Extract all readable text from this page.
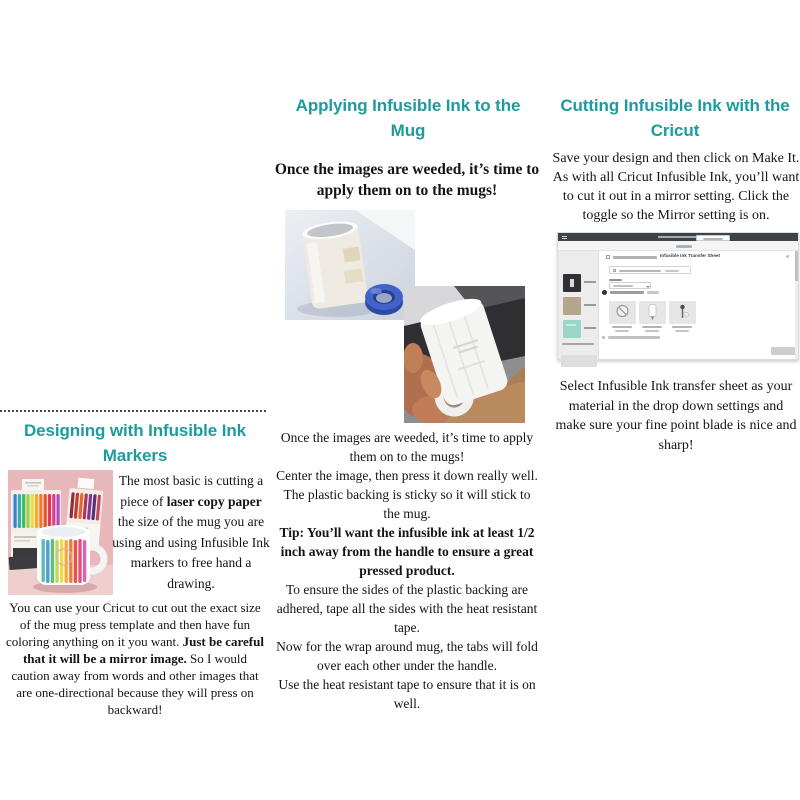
Designing with Infusible Ink Markers

The most basic is cutting a piece of laser copy paper the size of the mug you are using and using Infusible Ink markers to free hand a drawing.

You can use your Cricut to cut out the exact size of the mug press template and then have fun coloring anything on it you want. Just be careful that it will be a mirror image. So I would caution away from words and other images that are one-directional because they will press on backward!

Applying Infusible Ink to the Mug

Once the images are weeded, it’s time to apply them on to the mugs!

Once the images are weeded, it’s time to apply them on to the mugs!

Center the image, then press it down really well. The plastic backing is sticky so it will stick to the mug.

Tip: You’ll want the infusible ink at least 1/2 inch away from the handle to ensure a great pressed product.

To ensure the sides of the plastic backing are adhered, tape all the sides with the heat resistant tape.

Now for the wrap around mug, the tabs will fold over each other under the handle.

Use the heat resistant tape to ensure that it is on well.

Cutting Infusible Ink with the Cricut

Save your design and then click on Make It. As with all Cricut Infusible Ink, you’ll want to cut it out in a mirror setting. Click the toggle so the Mirror setting is on.

Infusible Ink Transfer Sheet

Select Infusible Ink transfer sheet as your material in the drop down settings and make sure your fine point blade is nice and sharp!
